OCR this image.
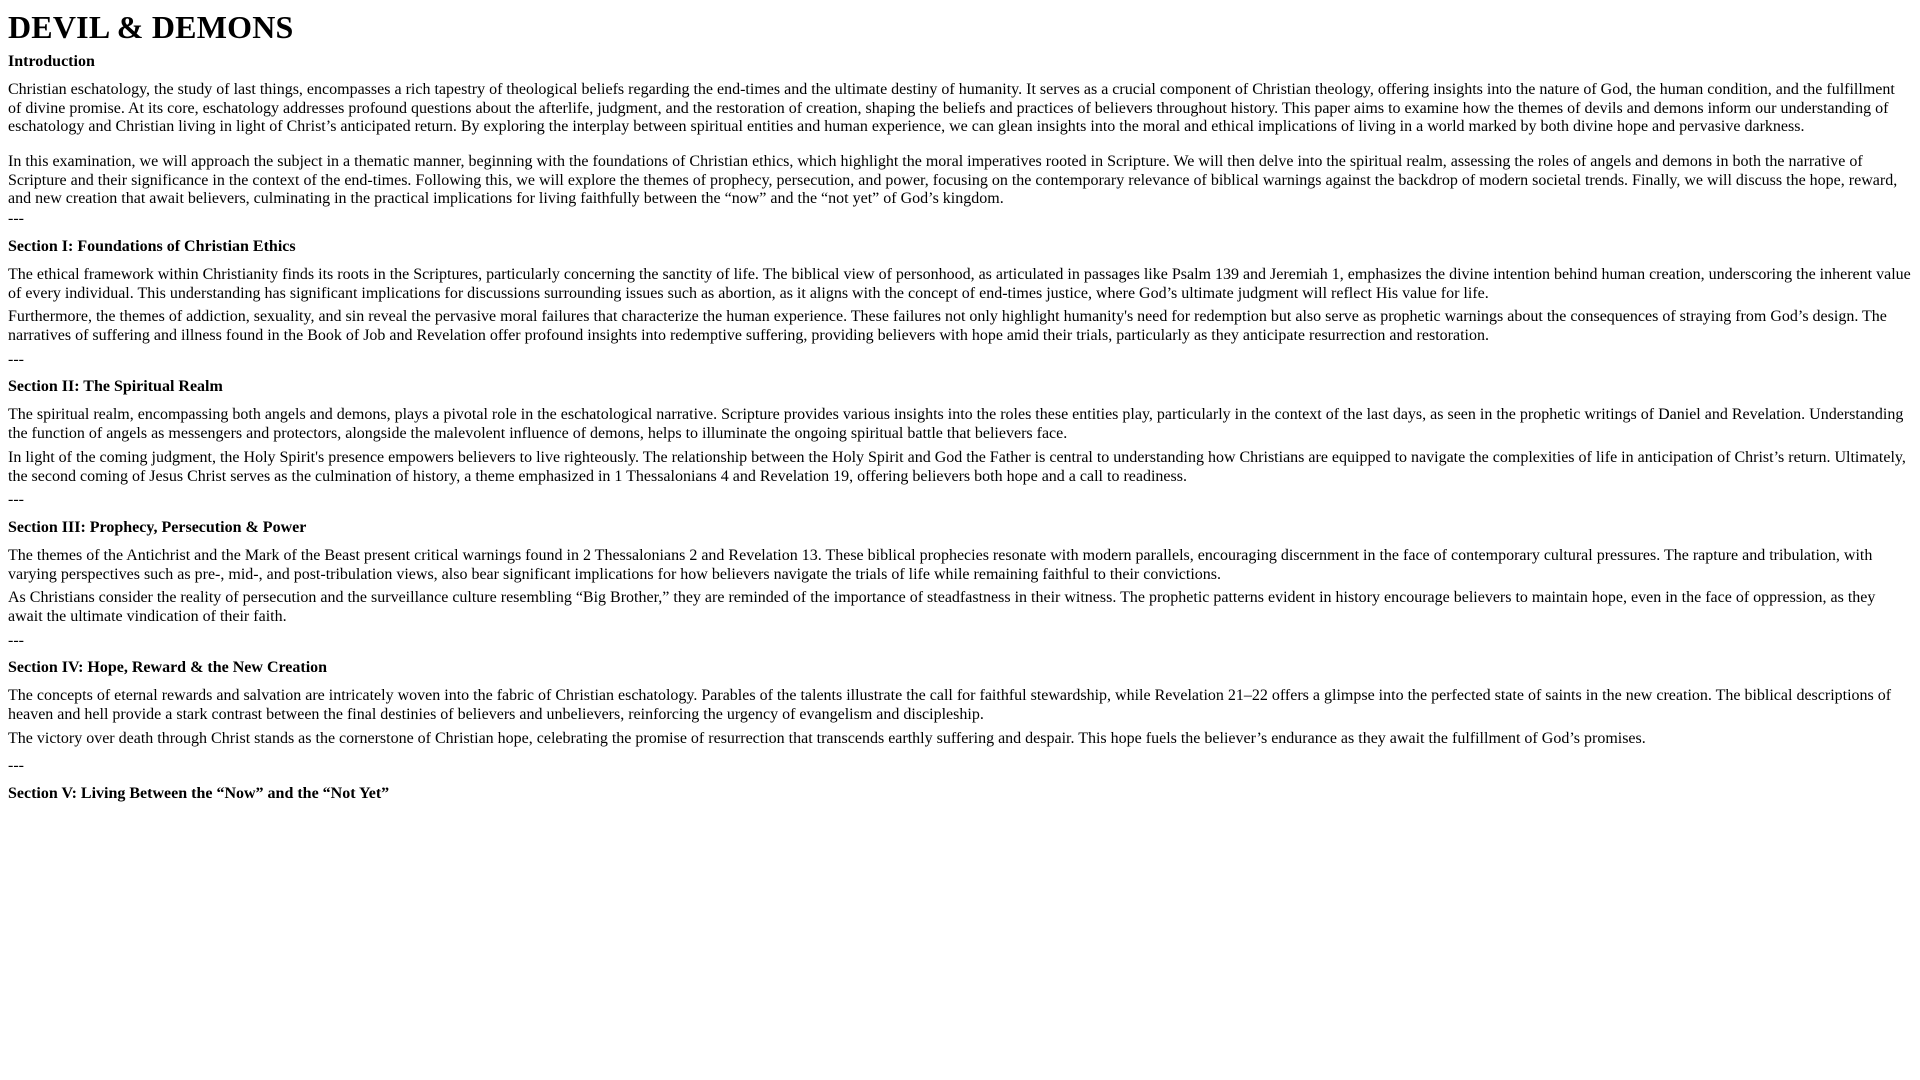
DEVIL & DEMONS
Introduction

Christian eschatology, the study of last things, encompasses a rich tapestry of theological beliefs regarding the end-times and the ultimate destiny of humanity. It serves as a crucial component of Christian theology, offering insights into the nature of God, the human condition, and the fulfillment of divine promise. At its core, eschatology addresses profound questions about the afterlife, judgment, and the restoration of creation, shaping the beliefs and practices of believers throughout history. This paper aims to examine how the themes of devils and demons inform our understanding of eschatology and Christian living in light of Christ’s anticipated return. By exploring the interplay between spiritual entities and human experience, we can glean insights into the moral and ethical implications of living in a world marked by both divine hope and pervasive darkness.

In this examination, we will approach the subject in a thematic manner, beginning with the foundations of Christian ethics, which highlight the moral imperatives rooted in Scripture. We will then delve into the spiritual realm, assessing the roles of angels and demons in both the narrative of Scripture and their significance in the context of the end-times. Following this, we will explore the themes of prophecy, persecution, and power, focusing on the contemporary relevance of biblical warnings against the backdrop of modern societal trends. Finally, we will discuss the hope, reward, and new creation that await believers, culminating in the practical implications for living faithfully between the “now” and the “not yet” of God’s kingdom.

---
Section I: Foundations of Christian Ethics

The ethical framework within Christianity finds its roots in the Scriptures, particularly concerning the sanctity of life. The biblical view of personhood, as articulated in passages like Psalm 139 and Jeremiah 1, emphasizes the divine intention behind human creation, underscoring the inherent value of every individual. This understanding has significant implications for discussions surrounding issues such as abortion, as it aligns with the concept of end-times justice, where God’s ultimate judgment will reflect His value for life.

Furthermore, the themes of addiction, sexuality, and sin reveal the pervasive moral failures that characterize the human experience. These failures not only highlight humanity's need for redemption but also serve as prophetic warnings about the consequences of straying from God’s design. The narratives of suffering and illness found in the Book of Job and Revelation offer profound insights into redemptive suffering, providing believers with hope amid their trials, particularly as they anticipate resurrection and restoration.

---
Section II: The Spiritual Realm

The spiritual realm, encompassing both angels and demons, plays a pivotal role in the eschatological narrative. Scripture provides various insights into the roles these entities play, particularly in the context of the last days, as seen in the prophetic writings of Daniel and Revelation. Understanding the function of angels as messengers and protectors, alongside the malevolent influence of demons, helps to illuminate the ongoing spiritual battle that believers face.

In light of the coming judgment, the Holy Spirit's presence empowers believers to live righteously. The relationship between the Holy Spirit and God the Father is central to understanding how Christians are equipped to navigate the complexities of life in anticipation of Christ’s return. Ultimately, the second coming of Jesus Christ serves as the culmination of history, a theme emphasized in 1 Thessalonians 4 and Revelation 19, offering believers both hope and a call to readiness.

---
Section III: Prophecy, Persecution & Power

The themes of the Antichrist and the Mark of the Beast present critical warnings found in 2 Thessalonians 2 and Revelation 13. These biblical prophecies resonate with modern parallels, encouraging discernment in the face of contemporary cultural pressures. The rapture and tribulation, with varying perspectives such as pre-, mid-, and post-tribulation views, also bear significant implications for how believers navigate the trials of life while remaining faithful to their convictions.

As Christians consider the reality of persecution and the surveillance culture resembling “Big Brother,” they are reminded of the importance of steadfastness in their witness. The prophetic patterns evident in history encourage believers to maintain hope, even in the face of oppression, as they await the ultimate vindication of their faith.

---
Section IV: Hope, Reward & the New Creation

The concepts of eternal rewards and salvation are intricately woven into the fabric of Christian eschatology. Parables of the talents illustrate the call for faithful stewardship, while Revelation 21–22 offers a glimpse into the perfected state of saints in the new creation. The biblical descriptions of heaven and hell provide a stark contrast between the final destinies of believers and unbelievers, reinforcing the urgency of evangelism and discipleship.

The victory over death through Christ stands as the cornerstone of Christian hope, celebrating the promise of resurrection that transcends earthly suffering and despair. This hope fuels the believer’s endurance as they await the fulfillment of God’s promises.

---
Section V: Living Between the “Now” and the “Not Yet”
